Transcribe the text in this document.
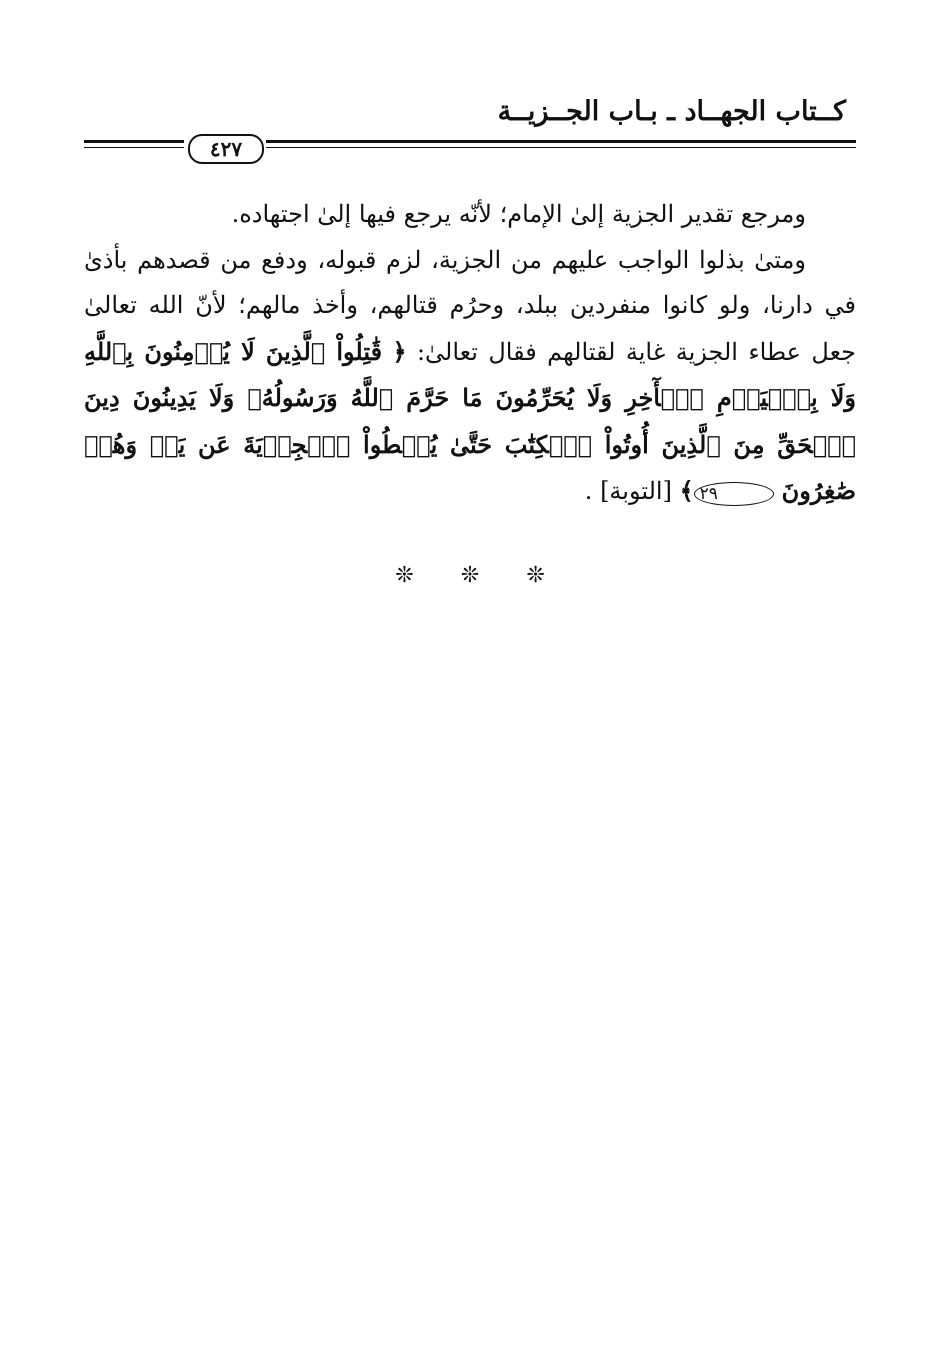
كــتاب الجهــاد ـ بـاب الجــزيــة
٤٢٧

ومرجع تقدير الجزية إلىٰ الإمام؛ لأنّه يرجع فيها إلىٰ اجتهاده.

ومتىٰ بذلوا الواجب عليهم من الجزية، لزم قبوله، ودفع من قصدهم بأذىٰ في دارنا، ولو كانوا منفردين ببلد، وحرُم قتالهم، وأخذ مالهم؛ لأنّ الله تعالىٰ جعل عطاء الجزية غاية لقتالهم فقال تعالىٰ: ﴿ قَٰتِلُواْ ٱلَّذِينَ لَا يُؤۡمِنُونَ بِٱللَّهِ وَلَا بِٱلۡيَوۡمِ ٱلۡأٓخِرِ وَلَا يُحَرِّمُونَ مَا حَرَّمَ ٱللَّهُ وَرَسُولُهُۥ وَلَا يَدِينُونَ دِينَ ٱلۡحَقِّ مِنَ ٱلَّذِينَ أُوتُواْ ٱلۡكِتَٰبَ حَتَّىٰ يُعۡطُواْ ٱلۡجِزۡيَةَ عَن يَدٖ وَهُمۡ صَٰغِرُونَ ٢٩﴾ [التوبة] .

❊ ❊ ❊
